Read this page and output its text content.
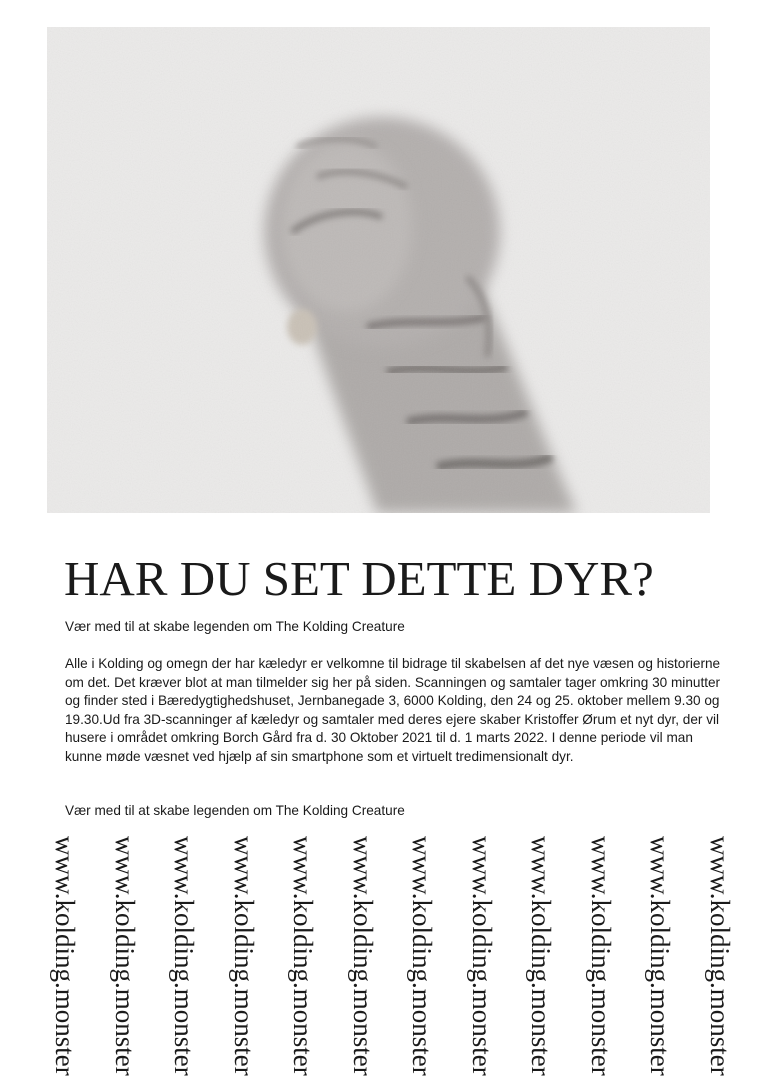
HAR DU SET DETTE DYR?

Vær med til at skabe legenden om The Kolding Creature

Alle i Kolding og omegn der har kæledyr er velkomne til bidrage til skabelsen af det nye væsen og historierne om det. Det kræver blot at man tilmelder sig her på siden. Scanningen og samtaler tager omkring 30 minutter og finder sted i Bæredygtighedshuset, Jernbanegade 3, 6000 Kolding, den 24 og 25. oktober mellem 9.30 og 19.30.Ud fra 3D-scanninger af kæledyr og samtaler med deres ejere skaber Kristoffer Ørum et nyt dyr, der vil husere i området omkring Borch Gård fra d. 30 Oktober 2021 til d. 1 marts 2022. I denne periode vil man kunne møde væsnet ved hjælp af sin smartphone som et virtuelt tredimensionalt dyr.

Vær med til at skabe legenden om The Kolding Creature

www.kolding.monster www.kolding.monster www.kolding.monster www.kolding.monster www.kolding.monster www.kolding.monster www.kolding.monster www.kolding.monster www.kolding.monster www.kolding.monster www.kolding.monster www.kolding.monster
